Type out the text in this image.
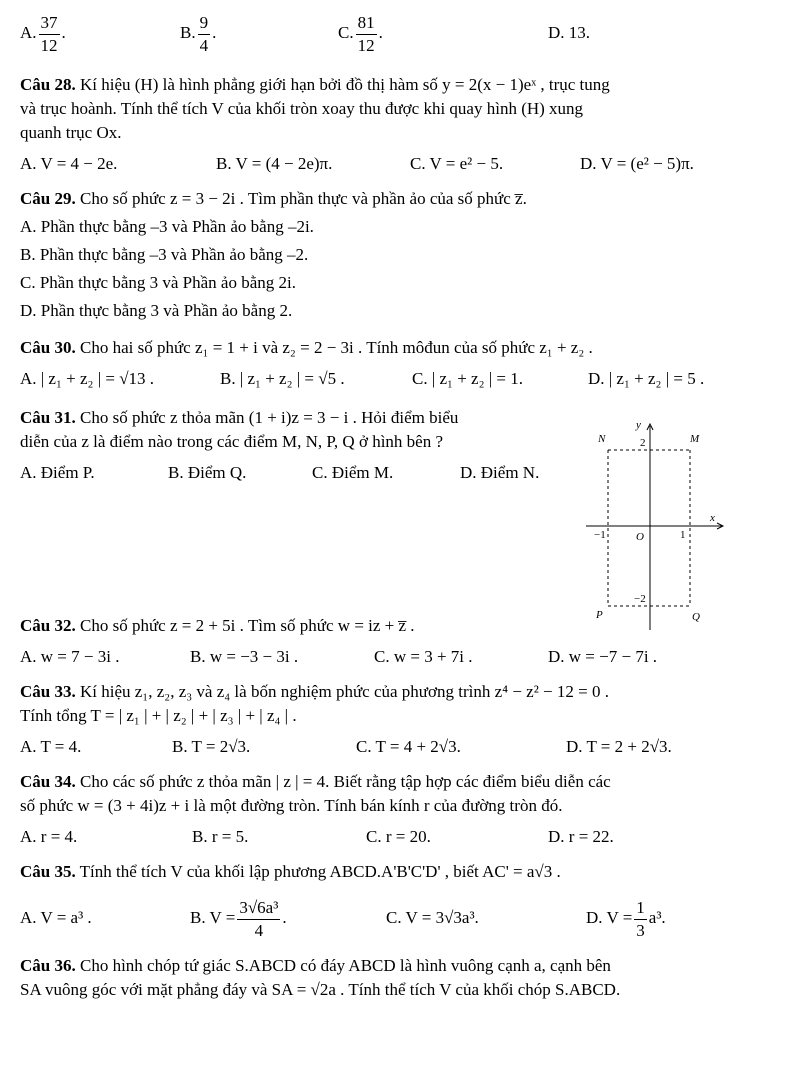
A. $\frac{37}{12}$ .	B. $\frac{9}{4}$ .	C. $\frac{81}{12}$ .	D. 13.

Câu 28. Kí hiệu (H) là hình phẳng giới hạn bởi đồ thị hàm số y = 2(x − 1)eˣ , trục tung

và trục hoành. Tính thể tích V của khối tròn xoay thu được khi quay hình (H) xung

quanh trục Ox.

A. V = 4 − 2e.	B. V = (4 − 2e)π.	C. V = e² − 5.	D. V = (e² − 5)π.

Câu 29. Cho số phức z = 3 − 2i . Tìm phần thực và phần ảo của số phức z̅.

A. Phần thực bằng –3 và Phần ảo bằng –2i.

B. Phần thực bằng –3 và Phần ảo bằng –2.

C. Phần thực bằng 3 và Phần ảo bằng 2i.

D. Phần thực bằng 3 và Phần ảo bằng 2.

Câu 30. Cho hai số phức z₁ = 1 + i và z₂ = 2 − 3i . Tính môđun của số phức z₁ + z₂ .

A. | z₁ + z₂ | = √13 .	B. | z₁ + z₂ | = √5 .	C. | z₁ + z₂ | = 1.	D. | z₁ + z₂ | = 5 .

Câu 31. Cho số phức z thỏa mãn (1 + i)z = 3 − i . Hỏi điểm biểu

diễn của z là điểm nào trong các điểm M, N, P, Q ở hình bên ?

A. Điểm P.	B. Điểm Q.	C. Điểm M.	D. Điểm N.

Câu 32. Cho số phức z = 2 + 5i . Tìm số phức w = iz + z̅ .

A. w = 7 − 3i .	B. w = −3 − 3i .	C. w = 3 + 7i .	D. w = −7 − 7i .

Câu 33. Kí hiệu z₁, z₂, z₃ và z₄ là bốn nghiệm phức của phương trình z⁴ − z² − 12 = 0 .

Tính tổng T = | z₁ | + | z₂ | + | z₃ | + | z₄ | .

A. T = 4.	B. T = 2√3.	C. T = 4 + 2√3.	D. T = 2 + 2√3.

Câu 34. Cho các số phức z thỏa mãn | z | = 4. Biết rằng tập hợp các điểm biểu diễn các

số phức w = (3 + 4i)z + i là một đường tròn. Tính bán kính r của đường tròn đó.

A. r = 4.	B. r = 5.	C. r = 20.	D. r = 22.

Câu 35. Tính thể tích V của khối lập phương ABCD.A'B'C'D' , biết AC' = a√3 .

A. V = a³ .	B. $V = \frac{\text{3√6a³}}{4}$ .	C. V = 3√3a³.	D. $V = \frac{1}{3} a^3$.

Câu 36. Cho hình chóp tứ giác S.ABCD có đáy ABCD là hình vuông cạnh a, cạnh bên

SA vuông góc với mặt phẳng đáy và SA = √2a . Tính thể tích V của khối chóp S.ABCD.

y
x
O
2
−2
−1	1
N	M
P	Q
